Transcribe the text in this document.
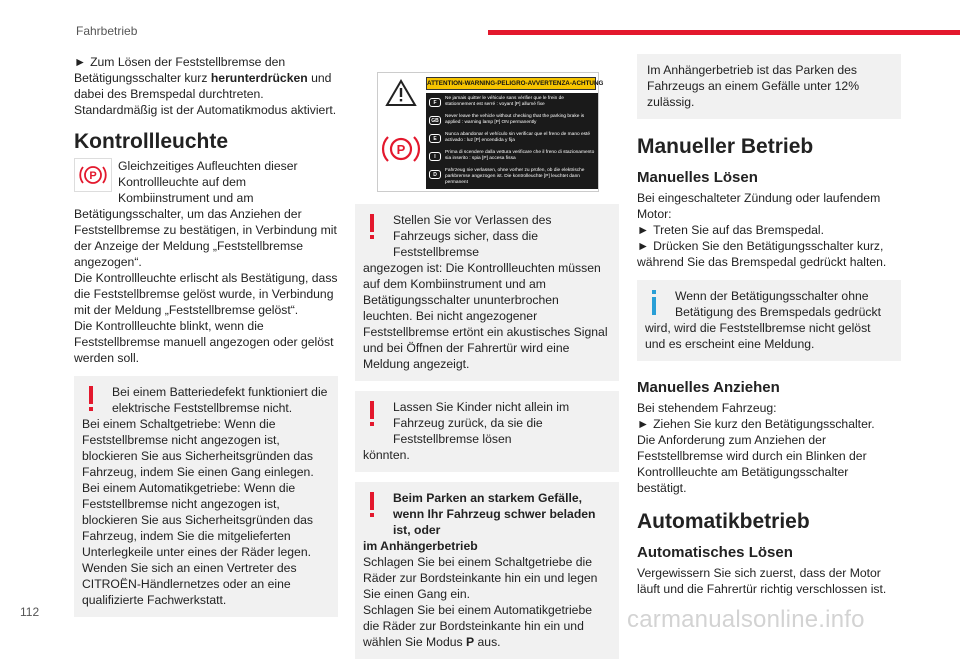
Fahrbetrieb

► Zum Lösen der Feststellbremse den Betätigungsschalter kurz herunterdrücken und dabei des Bremspedal durchtreten.

Standardmäßig ist der Automatikmodus aktiviert.

Kontrollleuchte
P

Gleichzeitiges Aufleuchten dieser Kontrollleuchte auf dem Kombiinstrument und am Betätigungsschalter, um das Anziehen der Feststellbremse zu bestätigen, in Verbindung mit der Anzeige der Meldung „Feststellbremse angezogen“.

Die Kontrollleuchte erlischt als Bestätigung, dass die Feststellbremse gelöst wurde, in Verbindung mit der Meldung „Feststellbremse gelöst“.

Die Kontrollleuchte blinkt, wenn die Feststellbremse manuell angezogen oder gelöst werden soll.

Bei einem Batteriedefekt funktioniert die elektrische Feststellbremse nicht.

Bei einem Schaltgetriebe: Wenn die Feststellbremse nicht angezogen ist, blockieren Sie aus Sicherheitsgründen das Fahrzeug, indem Sie einen Gang einlegen.

Bei einem Automatikgetriebe: Wenn die Feststellbremse nicht angezogen ist, blockieren Sie aus Sicherheitsgründen das Fahrzeug, indem Sie die mitgelieferten Unterlegkeile unter eines der Räder legen.

Wenden Sie sich an einen Vertreter des CITROËN-Händlernetzes oder an eine qualifizierte Fachwerkstatt.

P
ATTENTION-WARNING-PELIGRO-AVVERTENZA-ACHTUNG
F
Ne jamais quitter le véhicule sans vérifier que le frein de stationnement est serré : voyant [P] allumé fixe
GB
Never leave the vehicle without checking that the parking brake is applied : warning lamp [P] ON permanently
E
Nunca abandonar el vehículo sin verificar que el freno de mano esté activado : luz [P] encendida y fija
I
Prima di scendere dalla vettura verificare che il freno di stazionamento sia inserito : spia [P] accesa fissa
D
Fahrzeug nie verlassen, ohne vorher zu prüfen, ob die elektrische parkbremse angezogen ist. Die kontrolleuchte [P] leuchtet dann permanent

Stellen Sie vor Verlassen des Fahrzeugs sicher, dass die Feststellbremse

angezogen ist: Die Kontrollleuchten müssen auf dem Kombiinstrument und am Betätigungsschalter ununterbrochen leuchten. Bei nicht angezogener Feststellbremse ertönt ein akustisches Signal und bei Öffnen der Fahrertür wird eine Meldung angezeigt.

Lassen Sie Kinder nicht allein im Fahrzeug zurück, da sie die Feststellbremse lösen

könnten.

Beim Parken an starkem Gefälle, wenn Ihr Fahrzeug schwer beladen ist, oder

im Anhängerbetrieb

Schlagen Sie bei einem Schaltgetriebe die Räder zur Bordsteinkante hin ein und legen Sie einen Gang ein.

Schlagen Sie bei einem Automatikgetriebe die Räder zur Bordsteinkante hin ein und wählen Sie Modus P aus.

Im Anhängerbetrieb ist das Parken des Fahrzeugs an einem Gefälle unter 12% zulässig.

Manueller Betrieb
Manuelles Lösen

Bei eingeschalteter Zündung oder laufendem Motor:

► Treten Sie auf das Bremspedal.

► Drücken Sie den Betätigungsschalter kurz, während Sie das Bremspedal gedrückt halten.

Wenn der Betätigungsschalter ohne Betätigung des Bremspedals gedrückt

wird, wird die Feststellbremse nicht gelöst und es erscheint eine Meldung.

Manuelles Anziehen

Bei stehendem Fahrzeug:

► Ziehen Sie kurz den Betätigungsschalter.

Die Anforderung zum Anziehen der Feststellbremse wird durch ein Blinken der Kontrollleuchte am Betätigungsschalter bestätigt.

Automatikbetrieb
Automatisches Lösen

Vergewissern Sie sich zuerst, dass der Motor läuft und die Fahrertür richtig verschlossen ist.

112	carmanualsonline.info
